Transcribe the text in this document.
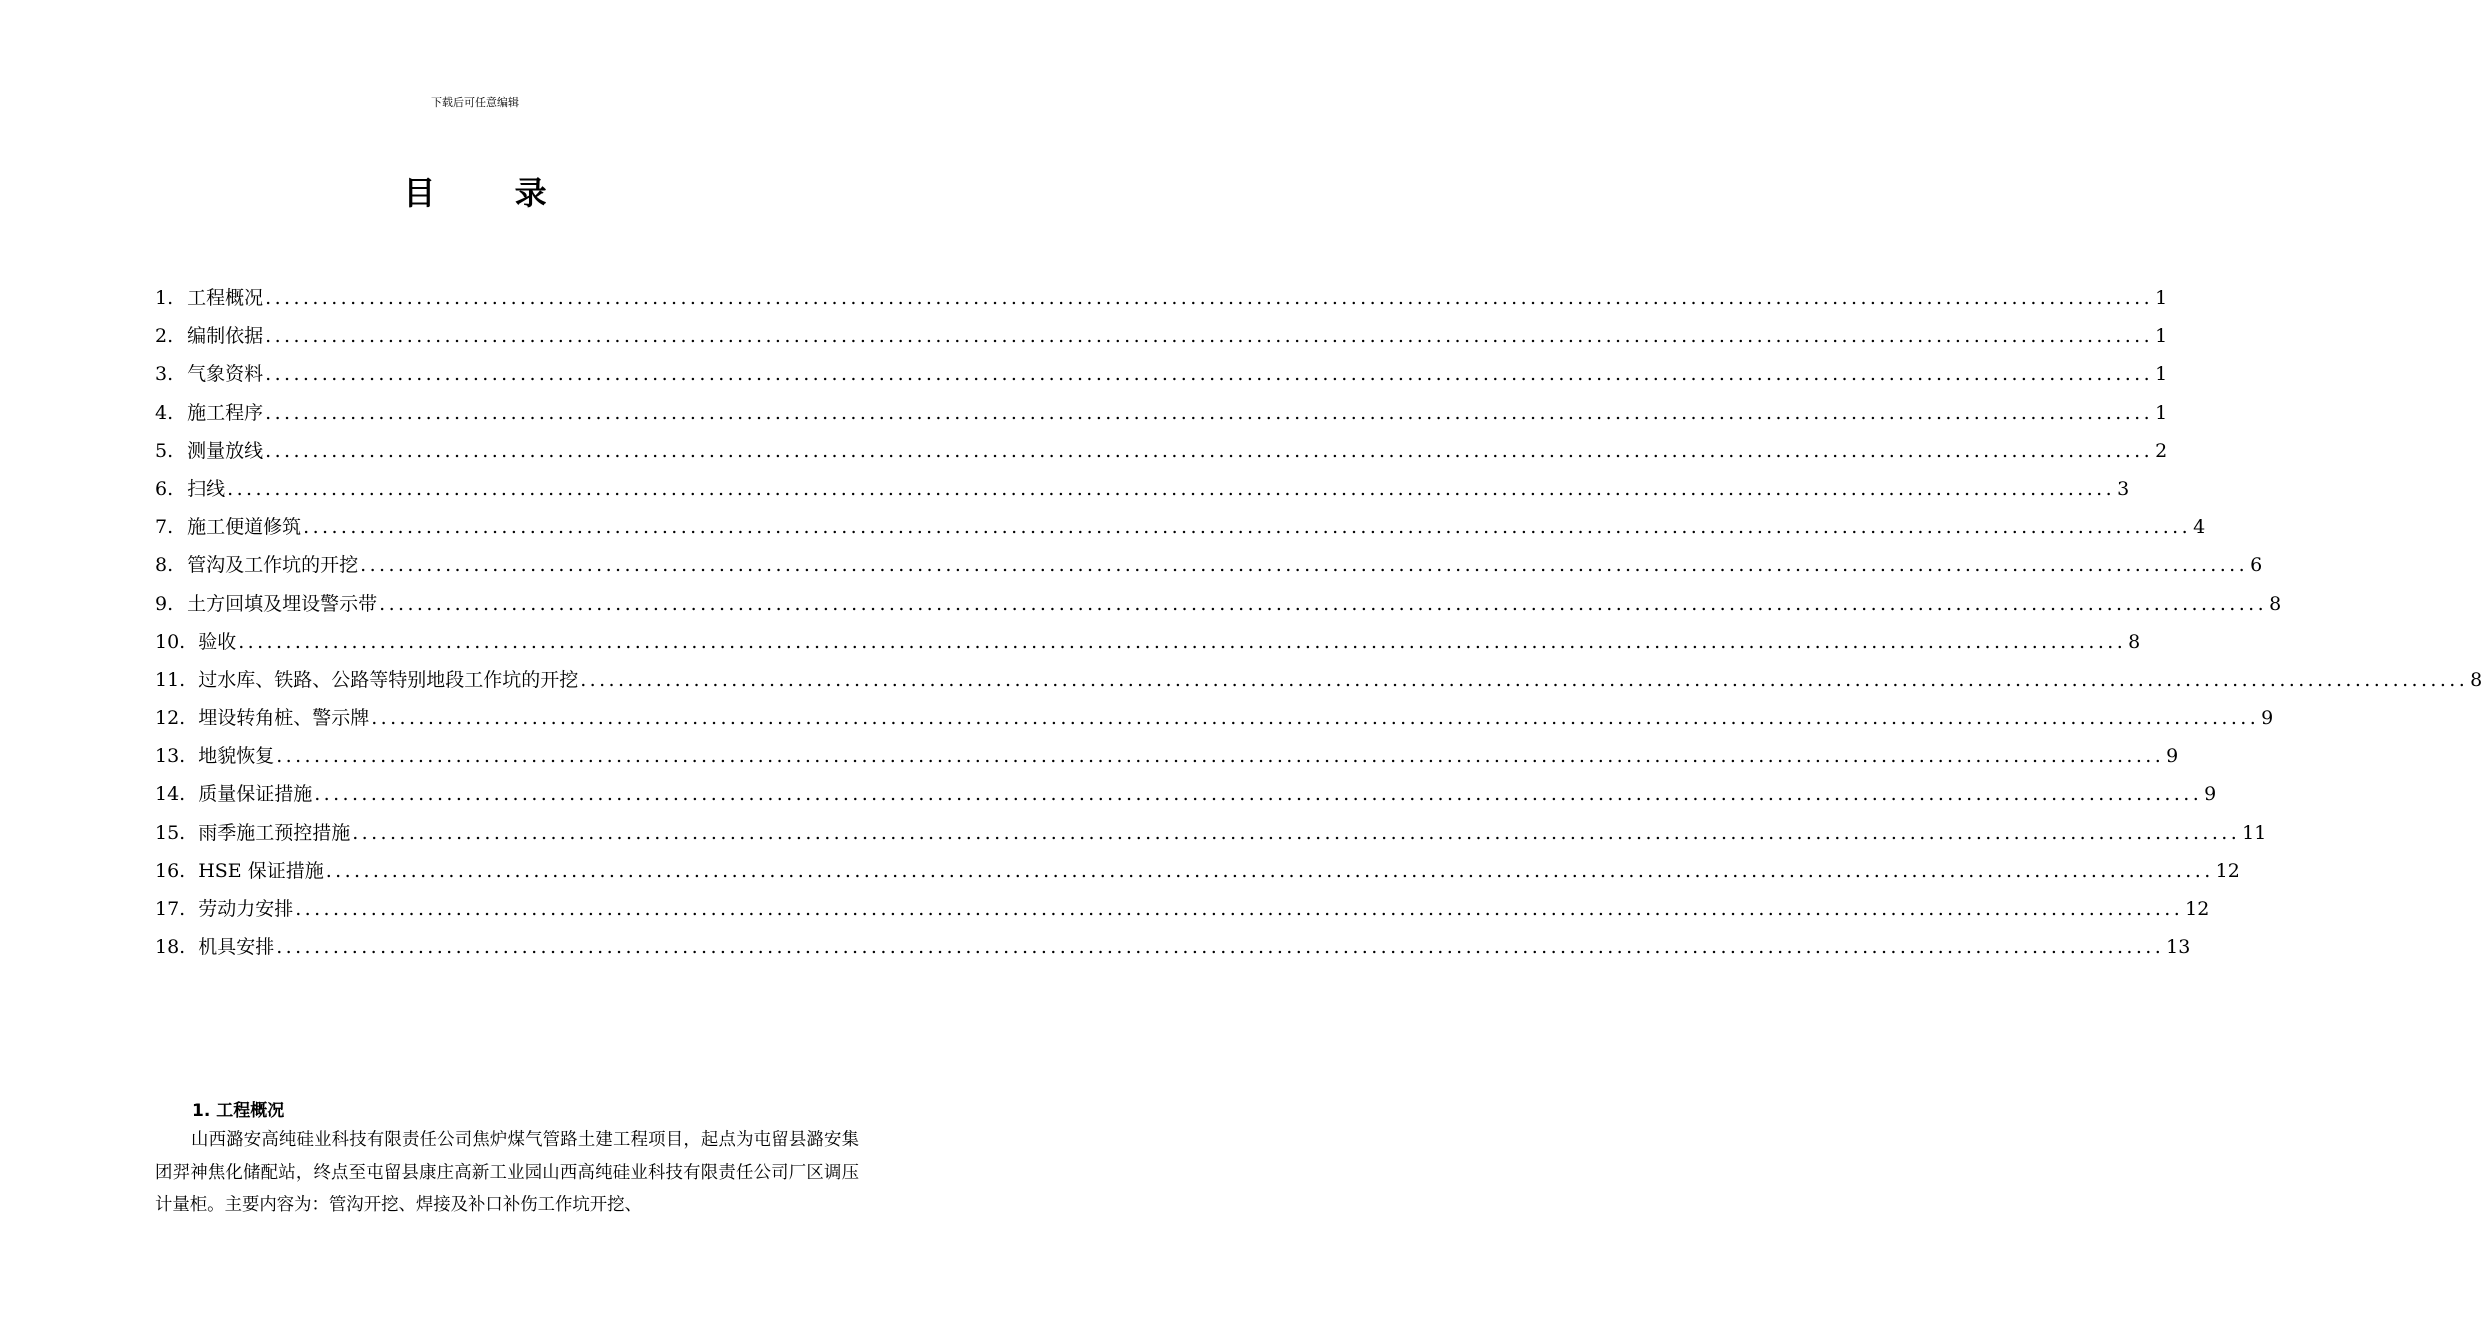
下载后可任意编辑
目 录
1. 工程概况 ........................................................................................................................................................................................................ 1
2. 编制依据 ........................................................................................................................................................................................................ 1
3. 气象资料 ........................................................................................................................................................................................................ 1
4. 施工程序 ........................................................................................................................................................................................................ 1
5. 测量放线 ........................................................................................................................................................................................................ 2
6. 扫线 ........................................................................................................................................................................................................ 3
7. 施工便道修筑 ........................................................................................................................................................................................................ 4
8. 管沟及工作坑的开挖 ........................................................................................................................................................................................................ 6
9. 土方回填及埋设警示带 ........................................................................................................................................................................................................ 8
10. 验收 ........................................................................................................................................................................................................ 8
11. 过水库、铁路、公路等特别地段工作坑的开挖 ........................................................................................................................................................................................................ 8
12. 埋设转角桩、警示牌 ........................................................................................................................................................................................................ 9
13. 地貌恢复 ........................................................................................................................................................................................................ 9
14. 质量保证措施 ........................................................................................................................................................................................................ 9
15. 雨季施工预控措施 ........................................................................................................................................................................................................ 11
16. HSE 保证措施 ........................................................................................................................................................................................................ 12
17. 劳动力安排 ........................................................................................................................................................................................................ 12
18. 机具安排 ........................................................................................................................................................................................................ 13
1. 工程概况
山西潞安高纯硅业科技有限责任公司焦炉煤气管路土建工程项目，起点为屯留县潞安集团羿神焦化储配站，终点至屯留县康庄高新工业园山西高纯硅业科技有限责任公司厂区调压计量柜。主要内容为：管沟开挖、焊接及补口补伤工作坑开挖、
